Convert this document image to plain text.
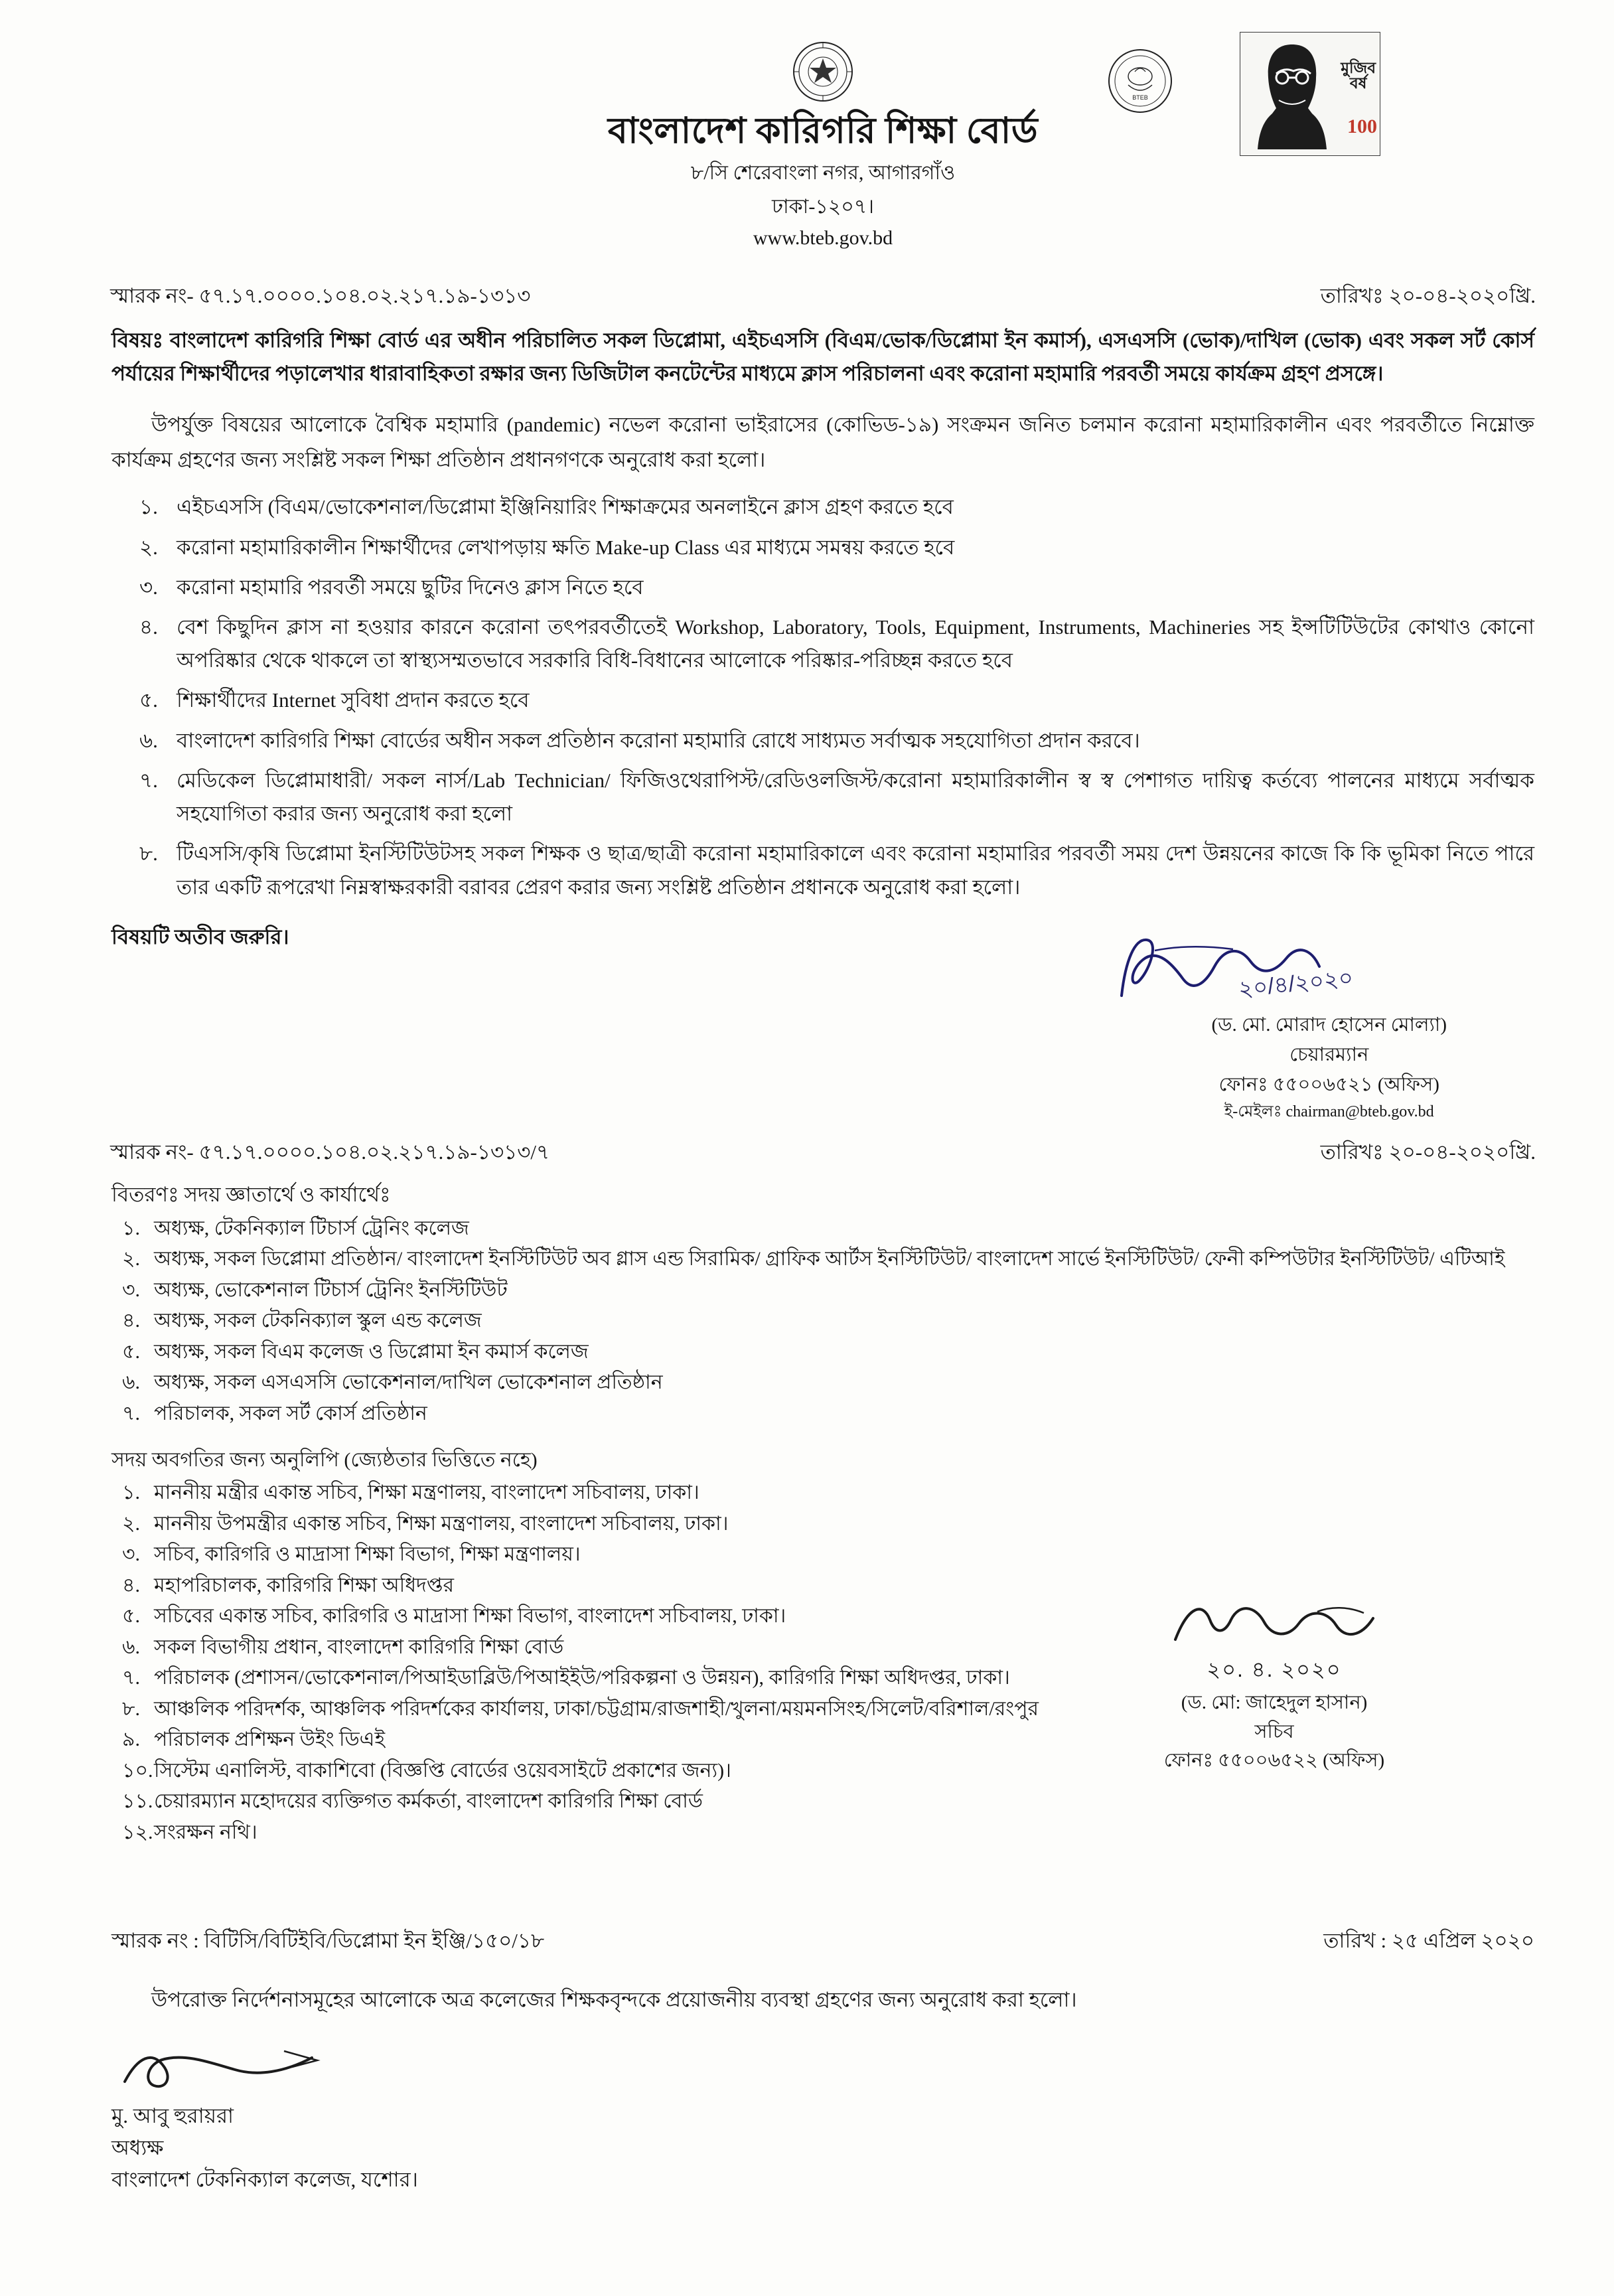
BTEB
মুজিব
বর্ষ
100
বাংলাদেশ কারিগরি শিক্ষা বোর্ড
৮/সি শেরেবাংলা নগর, আগারগাঁও
ঢাকা-১২০৭।
www.bteb.gov.bd
স্মারক নং- ৫৭.১৭.০০০০.১০৪.০২.২১৭.১৯-১৩১৩	তারিখঃ ২০-০৪-২০২০খ্রি.
বিষয়ঃ বাংলাদেশ কারিগরি শিক্ষা বোর্ড এর অধীন পরিচালিত সকল ডিপ্লোমা, এইচএসসি (বিএম/ভোক/ডিপ্লোমা ইন কমার্স), এসএসসি (ভোক)/দাখিল (ভোক) এবং সকল সর্ট কোর্স পর্যায়ের শিক্ষার্থীদের পড়ালেখার ধারাবাহিকতা রক্ষার জন্য ডিজিটাল কনটেন্টের মাধ্যমে ক্লাস পরিচালনা এবং করোনা মহামারি পরবর্তী সময়ে কার্যক্রম গ্রহণ প্রসঙ্গে।
উপর্যুক্ত বিষয়ের আলোকে বৈশ্বিক মহামারি (pandemic) নভেল করোনা ভাইরাসের (কোভিড-১৯) সংক্রমন জনিত চলমান করোনা মহামারিকালীন এবং পরবর্তীতে নিম্নোক্ত কার্যক্রম গ্রহণের জন্য সংশ্লিষ্ট সকল শিক্ষা প্রতিষ্ঠান প্রধানগণকে অনুরোধ করা হলো।
১. এইচএসসি (বিএম/ভোকেশনাল/ডিপ্লোমা ইঞ্জিনিয়ারিং শিক্ষাক্রমের অনলাইনে ক্লাস গ্রহণ করতে হবে
২. করোনা মহামারিকালীন শিক্ষার্থীদের লেখাপড়ায় ক্ষতি Make-up Class এর মাধ্যমে সমন্বয় করতে হবে
৩. করোনা মহামারি পরবর্তী সময়ে ছুটির দিনেও ক্লাস নিতে হবে
৪. বেশ কিছুদিন ক্লাস না হওয়ার কারনে করোনা তৎপরবর্তীতেই Workshop, Laboratory, Tools, Equipment, Instruments, Machineries সহ ইন্সটিটিউটের কোথাও কোনো অপরিষ্কার থেকে থাকলে তা স্বাস্থ্যসম্মতভাবে সরকারি বিধি-বিধানের আলোকে পরিষ্কার-পরিচ্ছন্ন করতে হবে
৫. শিক্ষার্থীদের Internet সুবিধা প্রদান করতে হবে
৬. বাংলাদেশ কারিগরি শিক্ষা বোর্ডের অধীন সকল প্রতিষ্ঠান করোনা মহামারি রোধে সাধ্যমত সর্বাত্মক সহযোগিতা প্রদান করবে।
৭. মেডিকেল ডিপ্লোমাধারী/ সকল নার্স/Lab Technician/ ফিজিওথেরাপিস্ট/রেডিওলজিস্ট/করোনা মহামারিকালীন স্ব স্ব পেশাগত দায়িত্ব কর্তব্যে পালনের মাধ্যমে সর্বাত্মক সহযোগিতা করার জন্য অনুরোধ করা হলো
৮. টিএসসি/কৃষি ডিপ্লোমা ইনস্টিটিউটসহ সকল শিক্ষক ও ছাত্র/ছাত্রী করোনা মহামারিকালে এবং করোনা মহামারির পরবর্তী সময় দেশ উন্নয়নের কাজে কি কি ভূমিকা নিতে পারে তার একটি রূপরেখা নিম্নস্বাক্ষরকারী বরাবর প্রেরণ করার জন্য সংশ্লিষ্ট প্রতিষ্ঠান প্রধানকে অনুরোধ করা হলো।
বিষয়টি অতীব জরুরি।
২০/৪/২০২০
(ড. মো. মোরাদ হোসেন মোল্যা)
চেয়ারম্যান
ফোনঃ ৫৫০০৬৫২১ (অফিস)
ই-মেইলঃ chairman@bteb.gov.bd
স্মারক নং- ৫৭.১৭.০০০০.১০৪.০২.২১৭.১৯-১৩১৩/৭	তারিখঃ ২০-০৪-২০২০খ্রি.
বিতরণঃ সদয় জ্ঞাতার্থে ও কার্যার্থেঃ
১. অধ্যক্ষ, টেকনিক্যাল টিচার্স ট্রেনিং কলেজ
২. অধ্যক্ষ, সকল ডিপ্লোমা প্রতিষ্ঠান/ বাংলাদেশ ইনস্টিটিউট অব গ্লাস এন্ড সিরামিক/ গ্রাফিক আর্টস ইনস্টিটিউট/ বাংলাদেশ সার্ভে ইনস্টিটিউট/ ফেনী কম্পিউটার ইনস্টিটিউট/ এটিআই
৩. অধ্যক্ষ, ভোকেশনাল টিচার্স ট্রেনিং ইনস্টিটিউট
৪. অধ্যক্ষ, সকল টেকনিক্যাল স্কুল এন্ড কলেজ
৫. অধ্যক্ষ, সকল বিএম কলেজ ও ডিপ্লোমা ইন কমার্স কলেজ
৬. অধ্যক্ষ, সকল এসএসসি ভোকেশনাল/দাখিল ভোকেশনাল প্রতিষ্ঠান
৭. পরিচালক, সকল সর্ট কোর্স প্রতিষ্ঠান
সদয় অবগতির জন্য অনুলিপি (জ্যেষ্ঠতার ভিত্তিতে নহে)
১. মাননীয় মন্ত্রীর একান্ত সচিব, শিক্ষা মন্ত্রণালয়, বাংলাদেশ সচিবালয়, ঢাকা।
২. মাননীয় উপমন্ত্রীর একান্ত সচিব, শিক্ষা মন্ত্রণালয়, বাংলাদেশ সচিবালয়, ঢাকা।
৩. সচিব, কারিগরি ও মাদ্রাসা শিক্ষা বিভাগ, শিক্ষা মন্ত্রণালয়।
৪. মহাপরিচালক, কারিগরি শিক্ষা অধিদপ্তর
৫. সচিবের একান্ত সচিব, কারিগরি ও মাদ্রাসা শিক্ষা বিভাগ, বাংলাদেশ সচিবালয়, ঢাকা।
৬. সকল বিভাগীয় প্রধান, বাংলাদেশ কারিগরি শিক্ষা বোর্ড
৭. পরিচালক (প্রশাসন/ভোকেশনাল/পিআইডাব্লিউ/পিআইইউ/পরিকল্পনা ও উন্নয়ন), কারিগরি শিক্ষা অধিদপ্তর, ঢাকা।
৮. আঞ্চলিক পরিদর্শক, আঞ্চলিক পরিদর্শকের কার্যালয়, ঢাকা/চট্টগ্রাম/রাজশাহী/খুলনা/ময়মনসিংহ/সিলেট/বরিশাল/রংপুর
৯. পরিচালক প্রশিক্ষন উইং ডিএই
১০. সিস্টেম এনালিস্ট, বাকাশিবো (বিজ্ঞপ্তি বোর্ডের ওয়েবসাইটে প্রকাশের জন্য)।
১১. চেয়ারম্যান মহোদয়ের ব্যক্তিগত কর্মকর্তা, বাংলাদেশ কারিগরি শিক্ষা বোর্ড
১২. সংরক্ষন নথি।
২০. ৪. ২০২০
(ড. মো: জাহেদুল হাসান)
সচিব
ফোনঃ ৫৫০০৬৫২২ (অফিস)
স্মারক নং : বিটিসি/বিটিইবি/ডিপ্লোমা ইন ইঞ্জি/১৫০/১৮	তারিখ : ২৫ এপ্রিল ২০২০
উপরোক্ত নির্দেশনাসমূহের আলোকে অত্র কলেজের শিক্ষকবৃন্দকে প্রয়োজনীয় ব্যবস্থা গ্রহণের জন্য অনুরোধ করা হলো।
মু. আবু হুরায়রা
অধ্যক্ষ
বাংলাদেশ টেকনিক্যাল কলেজ, যশোর।
